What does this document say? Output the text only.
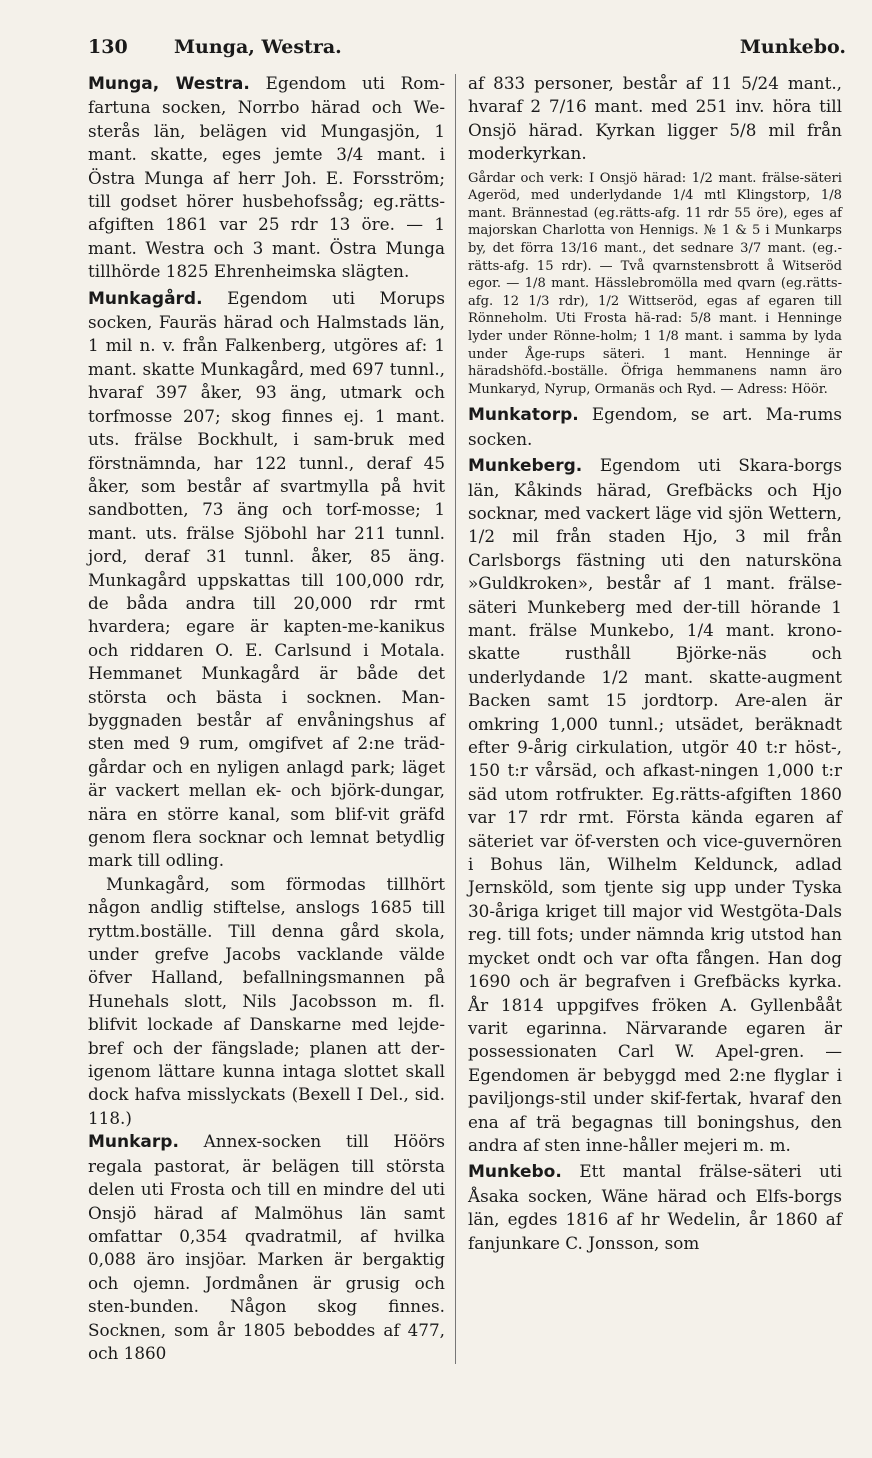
130	Munga, Westra.	Munkebo.

Munga, Westra. Egendom uti Rom-fartuna socken, Norrbo härad och We-sterås län, belägen vid Mungasjön, 1 mant. skatte, eges jemte 3/4 mant. i Östra Munga af herr Joh. E. Forsström; till godset hörer husbehofssåg; eg.rätts-afgiften 1861 var 25 rdr 13 öre. — 1 mant. Westra och 3 mant. Östra Munga tillhörde 1825 Ehrenheimska slägten.

Munkagård. Egendom uti Morups socken, Fauräs härad och Halmstads län, 1 mil n. v. från Falkenberg, utgöres af: 1 mant. skatte Munkagård, med 697 tunnl., hvaraf 397 åker, 93 äng, utmark och torfmosse 207; skog finnes ej. 1 mant. uts. frälse Bockhult, i sam-bruk med förstnämnda, har 122 tunnl., deraf 45 åker, som består af svartmylla på hvit sandbotten, 73 äng och torf-mosse; 1 mant. uts. frälse Sjöbohl har 211 tunnl. jord, deraf 31 tunnl. åker, 85 äng. Munkagård uppskattas till 100,000 rdr, de båda andra till 20,000 rdr rmt hvardera; egare är kapten-me-kanikus och riddaren O. E. Carlsund i Motala. Hemmanet Munkagård är både det största och bästa i socknen. Man-byggnaden består af envåningshus af sten med 9 rum, omgifvet af 2:ne träd-gårdar och en nyligen anlagd park; läget är vackert mellan ek- och björk-dungar, nära en större kanal, som blif-vit gräfd genom flera socknar och lemnat betydlig mark till odling.

Munkagård, som förmodas tillhört någon andlig stiftelse, anslogs 1685 till ryttm.boställe. Till denna gård skola, under grefve Jacobs vacklande välde öfver Halland, befallningsmannen på Hunehals slott, Nils Jacobsson m. fl. blifvit lockade af Danskarne med lejde-bref och der fängslade; planen att der-igenom lättare kunna intaga slottet skall dock hafva misslyckats (Bexell I Del., sid. 118.)

Munkarp. Annex-socken till Höörs regala pastorat, är belägen till största delen uti Frosta och till en mindre del uti Onsjö härad af Malmöhus län samt omfattar 0,354 qvadratmil, af hvilka 0,088 äro insjöar. Marken är bergaktig och ojemn. Jordmånen är grusig och sten-bunden. Någon skog finnes. Socknen, som år 1805 beboddes af 477, och 1860

af 833 personer, består af 11 5/24 mant., hvaraf 2 7/16 mant. med 251 inv. höra till Onsjö härad. Kyrkan ligger 5/8 mil från moderkyrkan.

Gårdar och verk: I Onsjö härad: 1/2 mant. frälse-säteri Ageröd, med underlydande 1/4 mtl Klingstorp, 1/8 mant. Brännestad (eg.rätts-afg. 11 rdr 55 öre), eges af majorskan Charlotta von Hennigs. № 1 & 5 i Munkarps by, det förra 13/16 mant., det sednare 3/7 mant. (eg.-rätts-afg. 15 rdr). — Två qvarnstensbrott å Witseröd egor. — 1/8 mant. Hässlebromölla med qvarn (eg.rätts-afg. 12 1/3 rdr), 1/2 Wittseröd, egas af egaren till Rönneholm. Uti Frosta hä-rad: 5/8 mant. i Henninge lyder under Rönne-holm; 1 1/8 mant. i samma by lyda under Åge-rups säteri. 1 mant. Henninge är häradshöfd.-boställe. Öfriga hemmanens namn äro Munkaryd, Nyrup, Ormanäs och Ryd. — Adress: Höör.

Munkatorp. Egendom, se art. Ma-rums socken.

Munkeberg. Egendom uti Skara-borgs län, Kåkinds härad, Grefbäcks och Hjo socknar, med vackert läge vid sjön Wettern, 1/2 mil från staden Hjo, 3 mil från Carlsborgs fästning uti den natursköna »Guldkroken», består af 1 mant. frälse-säteri Munkeberg med der-till hörande 1 mant. frälse Munkebo, 1/4 mant. krono-skatte rusthåll Björke-näs och underlydande 1/2 mant. skatte-augment Backen samt 15 jordtorp. Are-alen är omkring 1,000 tunnl.; utsädet, beräknadt efter 9-årig cirkulation, utgör 40 t:r höst-, 150 t:r vårsäd, och afkast-ningen 1,000 t:r säd utom rotfrukter. Eg.rätts-afgiften 1860 var 17 rdr rmt. Första kända egaren af säteriet var öf-versten och vice-guvernören i Bohus län, Wilhelm Keldunck, adlad Jernsköld, som tjente sig upp under Tyska 30-åriga kriget till major vid Westgöta-Dals reg. till fots; under nämnda krig utstod han mycket ondt och var ofta fången. Han dog 1690 och är begrafven i Grefbäcks kyrka. År 1814 uppgifves fröken A. Gyllenbååt varit egarinna. Närvarande egaren är possessionaten Carl W. Apel-gren. — Egendomen är bebyggd med 2:ne flyglar i paviljongs-stil under skif-fertak, hvaraf den ena af trä begagnas till boningshus, den andra af sten inne-håller mejeri m. m.

Munkebo. Ett mantal frälse-säteri uti Åsaka socken, Wäne härad och Elfs-borgs län, egdes 1816 af hr Wedelin, år 1860 af fanjunkare C. Jonsson, som
